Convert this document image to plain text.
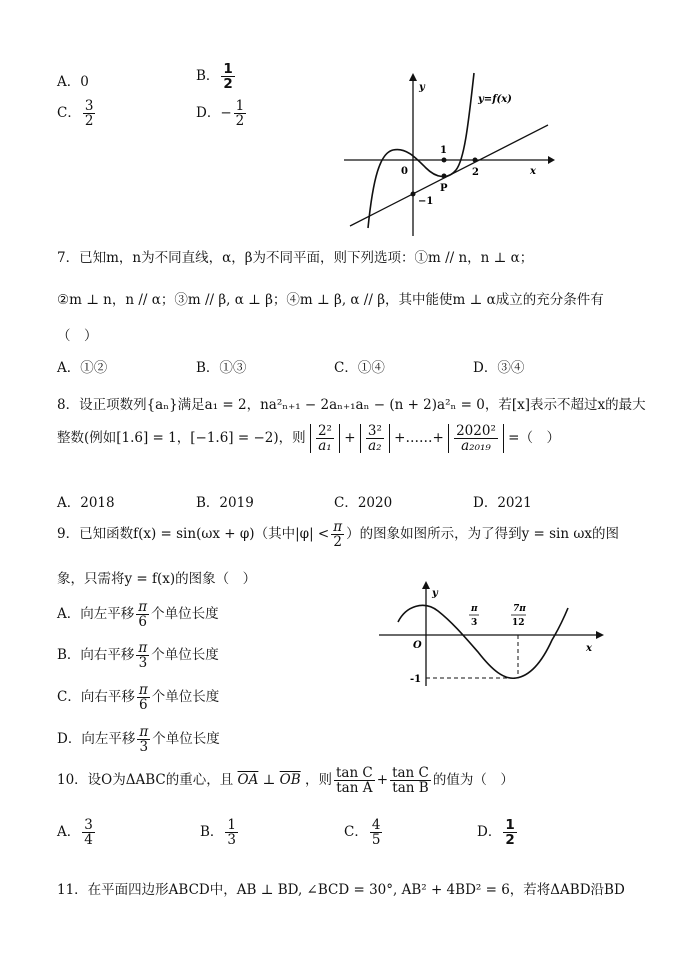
A．0	B． $\frac{1}{2}$
C． $\frac{3}{2}$	D．− $\frac{1}{2}$
y
x
y=f(x)
1
2
0
−1
P
7．已知m，n为不同直线，α，β为不同平面，则下列选项：①m // n，n ⊥ α；
②m ⊥ n，n // α；③m // β, α ⊥ β；④m ⊥ β, α // β，其中能使m ⊥ α成立的充分条件有
（　）
A．①②	B．①③	C．①④	D．③④
8．设正项数列{aₙ}满足a₁ = 2，na²ₙ₊₁ − 2aₙ₊₁aₙ − (n + 2)a²ₙ = 0，若[x]表示不超过x的最大
整数(例如[1.6] = 1，[−1.6] = −2)，则 $\frac{\text{2²}}{\text{a₁}} + \frac{\text{3²}}{\text{a₂}}$ +……+ $\frac{\text{2020²}}{\text{a₂₀₁₉}}$ =（　）
A．2018	B．2019	C．2020	D．2021
9．已知函数f(x) = sin(ωx + φ)（其中$|\varphi| < \frac{\pi}{2}$ ）的图象如图所示，为了得到y = sin ωx的图
象，只需将y = f(x)的图象（　）
A．向左平移 $\frac{\pi}{6}$ 个单位长度
B．向右平移 $\frac{\pi}{3}$ 个单位长度
C．向右平移 $\frac{\pi}{6}$ 个单位长度
D．向左平移 $\frac{\pi}{3}$ 个单位长度
y
x
O
-1
π
3
7π
12
10．设O为ΔABC的重心，且 $\overline{OA}$ ⊥ $\overline{OB}$ ，则 $\frac{\text{tan C}}{\text{tan A}} + \frac{\text{tan C}}{\text{tan B}}$ 的值为（　）
A． $\frac{3}{4}$	B． $\frac{1}{3}$	C． $\frac{4}{5}$	D． $\frac{1}{2}$
11．在平面四边形ABCD中，AB ⊥ BD, ∠BCD = 30°, AB² + 4BD² = 6，若将ΔABD沿BD
